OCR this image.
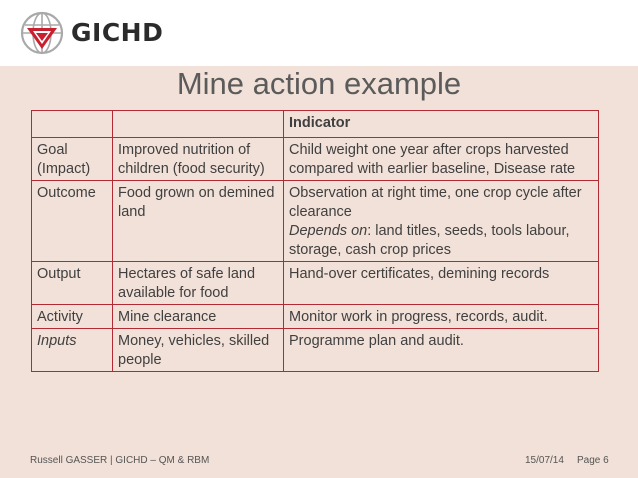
GICHD
Mine action example
		Indicator
Goal (Impact)	Improved nutrition of children (food security)	Child weight one year after crops harvested compared with earlier baseline, Disease rate
Outcome	Food grown on demined land	Observation at right time, one crop cycle after clearance
Depends on: land titles, seeds, tools labour, storage, cash crop prices
Output	Hectares of safe land available for food	Hand-over certificates, demining records
Activity	Mine clearance	Monitor work in progress, records, audit.
Inputs	Money, vehicles, skilled people	Programme plan and audit.
Russell GASSER | GICHD – QM & RBM	15/07/14 Page 6
